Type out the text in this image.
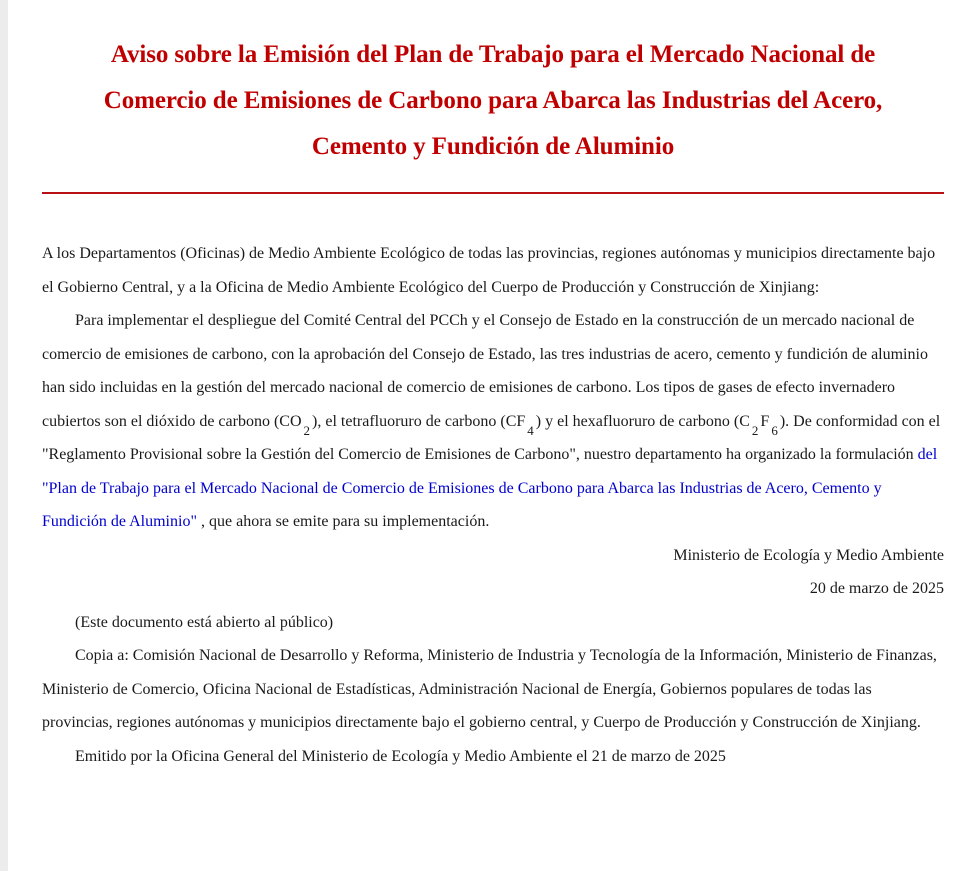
Aviso sobre la Emisión del Plan de Trabajo para el Mercado Nacional de Comercio de Emisiones de Carbono para Abarca las Industrias del Acero, Cemento y Fundición de Aluminio

A los Departamentos (Oficinas) de Medio Ambiente Ecológico de todas las provincias, regiones autónomas y municipios directamente bajo el Gobierno Central, y a la Oficina de Medio Ambiente Ecológico del Cuerpo de Producción y Construcción de Xinjiang:

Para implementar el despliegue del Comité Central del PCCh y el Consejo de Estado en la construcción de un mercado nacional de comercio de emisiones de carbono, con la aprobación del Consejo de Estado, las tres industrias de acero, cemento y fundición de aluminio han sido incluidas en la gestión del mercado nacional de comercio de emisiones de carbono. Los tipos de gases de efecto invernadero cubiertos son el dióxido de carbono $(CO_2)$, el tetrafluoruro de carbono $(CF_4)$ y el hexafluoruro de carbono $(C_2F_6)$. De conformidad con el "Reglamento Provisional sobre la Gestión del Comercio de Emisiones de Carbono", nuestro departamento ha organizado la formulación del "Plan de Trabajo para el Mercado Nacional de Comercio de Emisiones de Carbono para Abarca las Industrias de Acero, Cemento y Fundición de Aluminio" , que ahora se emite para su implementación.

Ministerio de Ecología y Medio Ambiente

20 de marzo de 2025

(Este documento está abierto al público)

Copia a: Comisión Nacional de Desarrollo y Reforma, Ministerio de Industria y Tecnología de la Información, Ministerio de Finanzas, Ministerio de Comercio, Oficina Nacional de Estadísticas, Administración Nacional de Energía, Gobiernos populares de todas las provincias, regiones autónomas y municipios directamente bajo el gobierno central, y Cuerpo de Producción y Construcción de Xinjiang.

Emitido por la Oficina General del Ministerio de Ecología y Medio Ambiente el 21 de marzo de 2025
